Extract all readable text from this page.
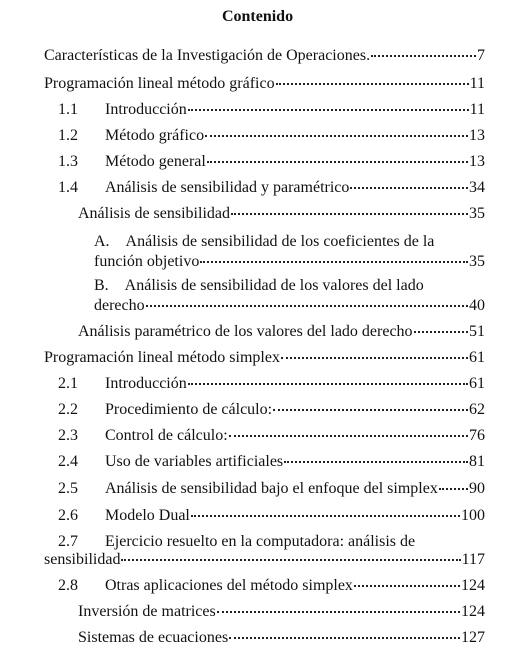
Contenido
Características de la Investigación de Operaciones.	7
Programación lineal método gráfico	11
1.1	Introducción	11
1.2	Método gráfico	13
1.3	Método general	13
1.4	Análisis de sensibilidad y paramétrico	34
Análisis de sensibilidad	35
A. Análisis de sensibilidad de los coeficientes de la
función objetivo	35
B. Análisis de sensibilidad de los valores del lado
derecho	40
Análisis paramétrico de los valores del lado derecho	51
Programación lineal método simplex	61
2.1	Introducción	61
2.2	Procedimiento de cálculo:	62
2.3	Control de cálculo:	76
2.4	Uso de variables artificiales	81
2.5	Análisis de sensibilidad bajo el enfoque del simplex 90
2.6	Modelo Dual	100
2.7 Ejercicio resuelto en la computadora: análisis de
sensibilidad	117
2.8	Otras aplicaciones del método simplex	124
Inversión de matrices	124
Sistemas de ecuaciones	127
